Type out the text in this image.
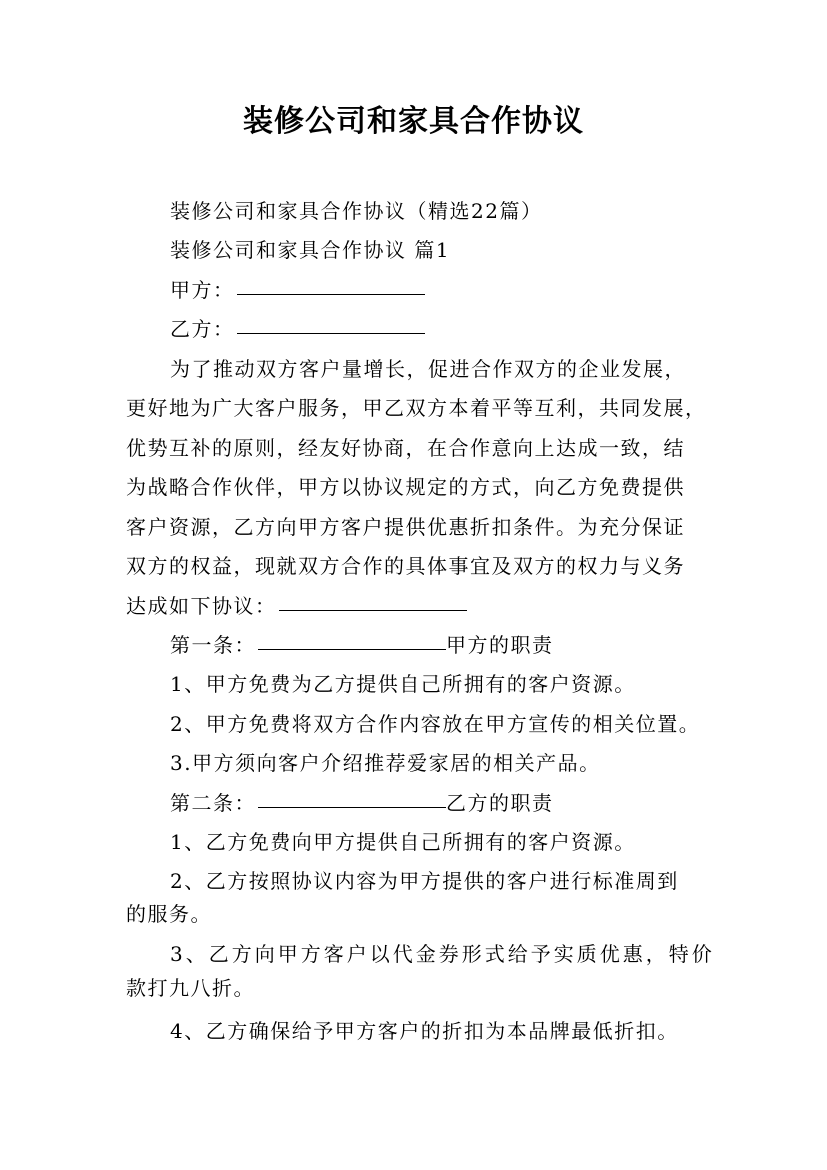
装修公司和家具合作协议
装修公司和家具合作协议（精选22篇）
装修公司和家具合作协议 篇1
甲方：
乙方：
为了推动双方客户量增长，促进合作双方的企业发展，
更好地为广大客户服务，甲乙双方本着平等互利，共同发展，
优势互补的原则，经友好协商，在合作意向上达成一致，结
为战略合作伙伴，甲方以协议规定的方式，向乙方免费提供
客户资源，乙方向甲方客户提供优惠折扣条件。为充分保证
双方的权益，现就双方合作的具体事宜及双方的权力与义务
达成如下协议：
第一条：	甲方的职责
1、甲方免费为乙方提供自己所拥有的客户资源。
2、甲方免费将双方合作内容放在甲方宣传的相关位置。
3.甲方须向客户介绍推荐爱家居的相关产品。
第二条：	乙方的职责
1、乙方免费向甲方提供自己所拥有的客户资源。
2、乙方按照协议内容为甲方提供的客户进行标准周到
的服务。
3、乙方向甲方客户以代金券形式给予实质优惠，特价
款打九八折。
4、乙方确保给予甲方客户的折扣为本品牌最低折扣。
